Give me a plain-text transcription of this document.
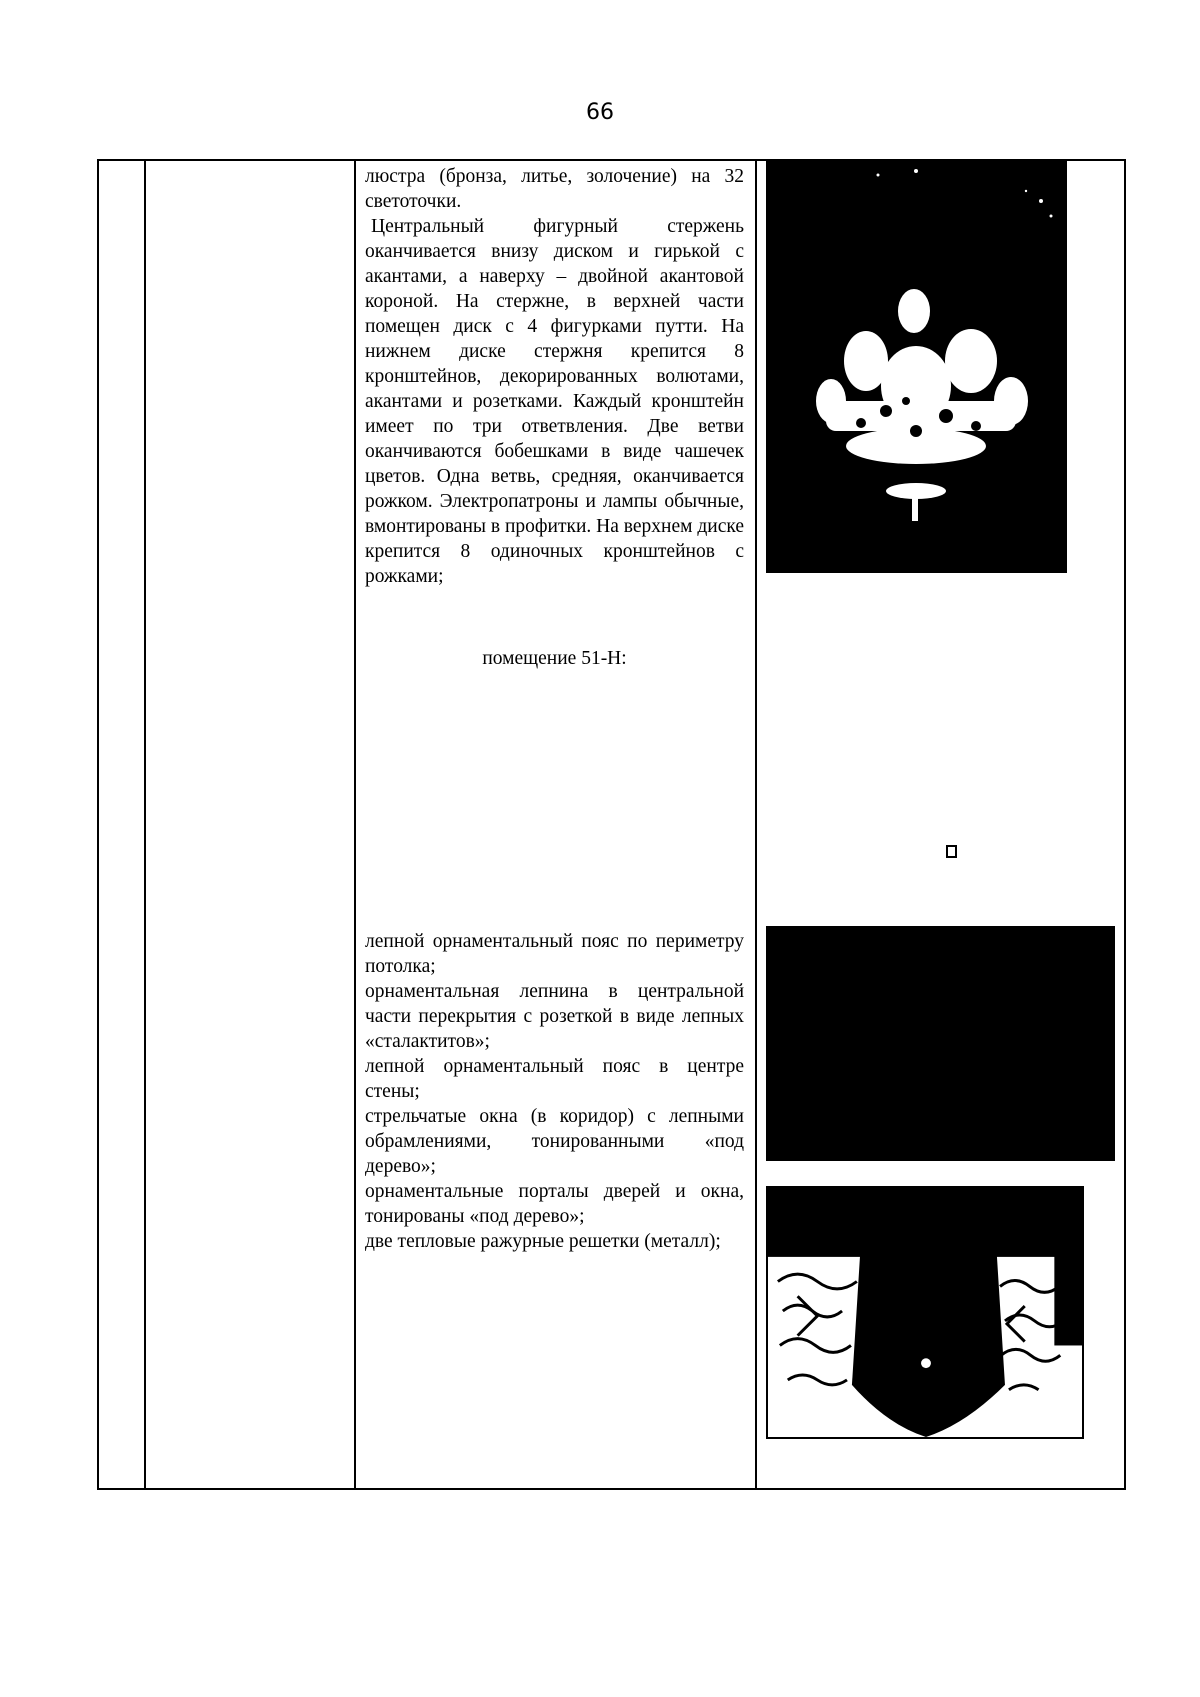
66

люстра (бронза, литье, золочение) на 32 светоточки.

Центральный фигурный стержень оканчивается внизу диском и гирькой с акантами, а наверху – двойной акантовой короной. На стержне, в верхней части помещен диск с 4 фигурками путти. На нижнем диске стержня крепится 8 кронштейнов, декорированных волютами, акантами и розетками. Каждый кронштейн имеет по три ответвления. Две ветви оканчиваются бобешками в виде чашечек цветов. Одна ветвь, средняя, оканчивается рожком. Электропатроны и лампы обычные, вмонтированы в профитки. На верхнем диске крепится 8 одиночных кронштейнов с рожками;

помещение 51-Н:

лепной орнаментальный пояс по периметру потолка;

орнаментальная лепнина в центральной части перекрытия с розеткой в виде лепных «сталактитов»;

лепной орнаментальный пояс в центре стены;

стрельчатые окна (в коридор) с лепными обрамлениями, тонированными «под дерево»;

орнаментальные порталы дверей и окна, тонированы «под дерево»;

две тепловые ражурные решетки (металл);
